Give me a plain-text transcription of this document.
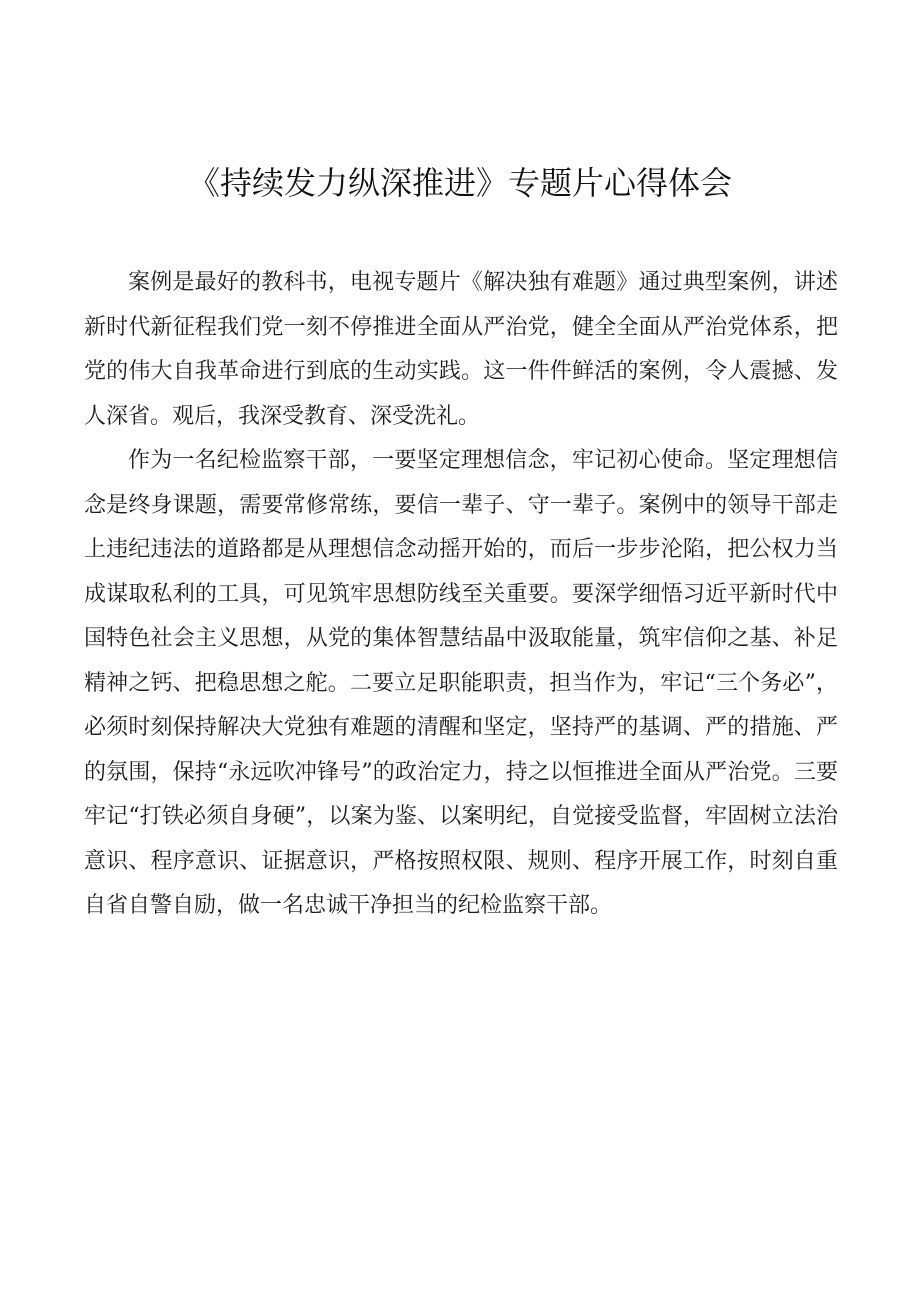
《持续发力纵深推进》专题片心得体会

案例是最好的教科书，电视专题片《解决独有难题》通过典型案例，讲述新时代新征程我们党一刻不停推进全面从严治党，健全全面从严治党体系，把党的伟大自我革命进行到底的生动实践。这一件件鲜活的案例，令人震撼、发人深省。观后，我深受教育、深受洗礼。

作为一名纪检监察干部，一要坚定理想信念，牢记初心使命。坚定理想信念是终身课题，需要常修常练，要信一辈子、守一辈子。案例中的领导干部走上违纪违法的道路都是从理想信念动摇开始的，而后一步步沦陷，把公权力当成谋取私利的工具，可见筑牢思想防线至关重要。要深学细悟习近平新时代中国特色社会主义思想，从党的集体智慧结晶中汲取能量，筑牢信仰之基、补足精神之钙、把稳思想之舵。二要立足职能职责，担当作为，牢记“三个务必”，必须时刻保持解决大党独有难题的清醒和坚定，坚持严的基调、严的措施、严的氛围，保持“永远吹冲锋号”的政治定力，持之以恒推进全面从严治党。三要牢记“打铁必须自身硬”，以案为鉴、以案明纪，自觉接受监督，牢固树立法治意识、程序意识、证据意识，严格按照权限、规则、程序开展工作，时刻自重自省自警自励，做一名忠诚干净担当的纪检监察干部。
